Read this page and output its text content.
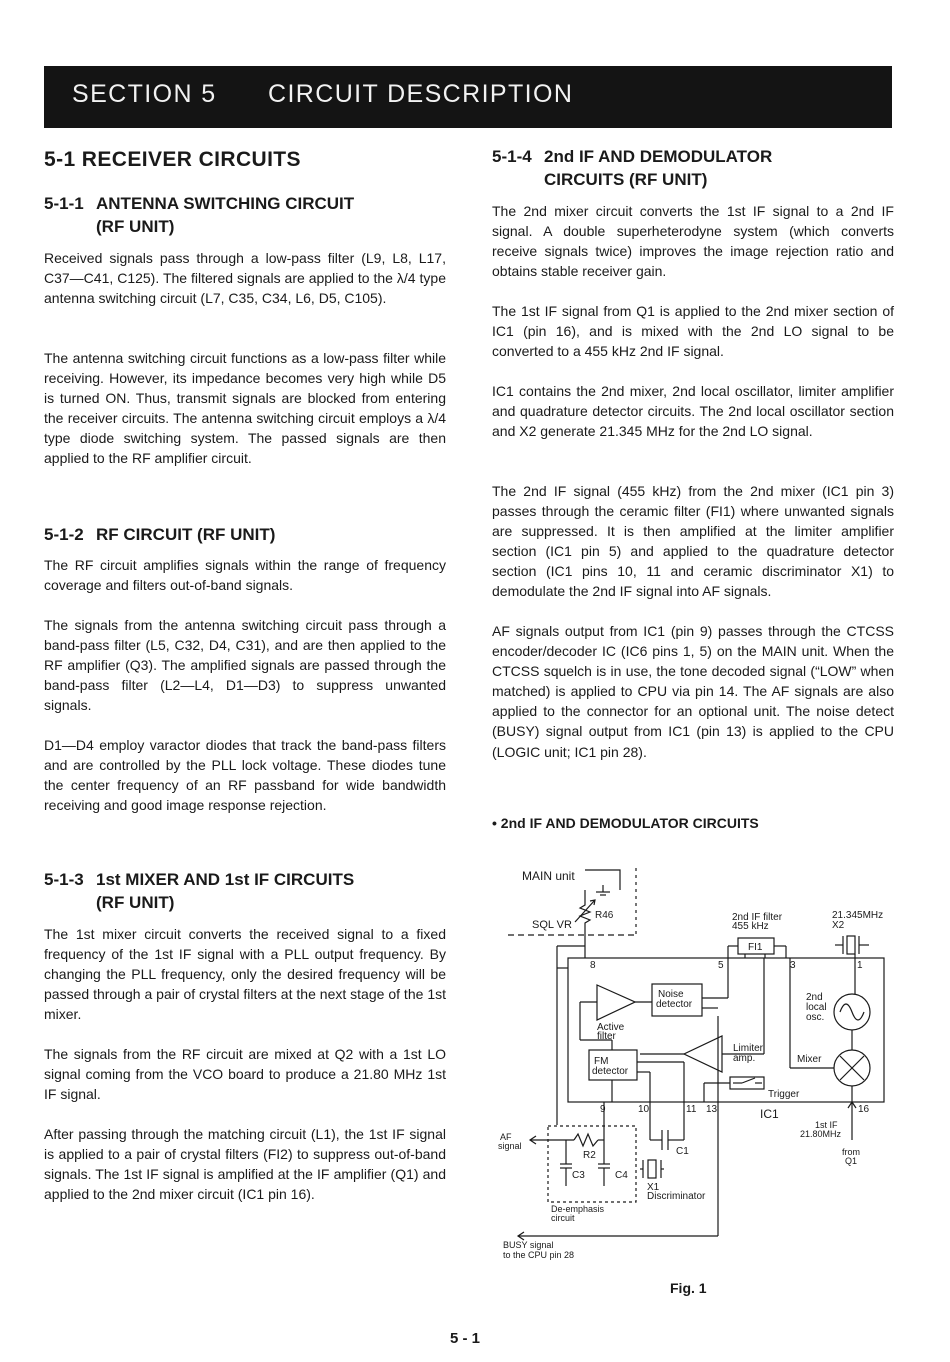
SECTION 5 CIRCUIT DESCRIPTION
5-1 RECEIVER CIRCUITS
5-1-1 ANTENNA SWITCHING CIRCUIT
(RF UNIT)

Received signals pass through a low-pass filter (L9, L8, L17, C37—C41, C125). The filtered signals are applied to the λ/4 type antenna switching circuit (L7, C35, C34, L6, D5, C105).

The antenna switching circuit functions as a low-pass filter while receiving. However, its impedance becomes very high while D5 is turned ON. Thus, transmit signals are blocked from entering the receiver circuits. The antenna switching circuit employs a λ/4 type diode switching system. The passed signals are then applied to the RF amplifier circuit.

5-1-2 RF CIRCUIT (RF UNIT)

The RF circuit amplifies signals within the range of frequency coverage and filters out-of-band signals.

The signals from the antenna switching circuit pass through a band-pass filter (L5, C32, D4, C31), and are then applied to the RF amplifier (Q3). The amplified signals are passed through the band-pass filter (L2—L4, D1—D3) to suppress unwanted signals.

D1—D4 employ varactor diodes that track the band-pass filters and are controlled by the PLL lock voltage. These diodes tune the center frequency of an RF passband for wide bandwidth receiving and good image response rejection.

5-1-3 1st MIXER AND 1st IF CIRCUITS
(RF UNIT)

The 1st mixer circuit converts the received signal to a fixed frequency of the 1st IF signal with a PLL output frequency. By changing the PLL frequency, only the desired frequency will be passed through a pair of crystal filters at the next stage of the 1st mixer.

The signals from the RF circuit are mixed at Q2 with a 1st LO signal coming from the VCO board to produce a 21.80 MHz 1st IF signal.

After passing through the matching circuit (L1), the 1st IF signal is applied to a pair of crystal filters (FI2) to suppress out-of-band signals. The 1st IF signal is amplified at the IF amplifier (Q1) and applied to the 2nd mixer circuit (IC1 pin 16).

5-1-4 2nd IF AND DEMODULATOR
CIRCUITS (RF UNIT)

The 2nd mixer circuit converts the 1st IF signal to a 2nd IF signal. A double superheterodyne system (which converts receive signals twice) improves the image rejection ratio and obtains stable receiver gain.

The 1st IF signal from Q1 is applied to the 2nd mixer section of IC1 (pin 16), and is mixed with the 2nd LO signal to be converted to a 455 kHz 2nd IF signal.

IC1 contains the 2nd mixer, 2nd local oscillator, limiter amplifier and quadrature detector circuits. The 2nd local oscillator section and X2 generate 21.345 MHz for the 2nd LO signal.

The 2nd IF signal (455 kHz) from the 2nd mixer (IC1 pin 3) passes through the ceramic filter (FI1) where unwanted signals are suppressed. It is then amplified at the limiter amplifier section (IC1 pin 5) and applied to the quadrature detector section (IC1 pins 10, 11 and ceramic discriminator X1) to demodulate the 2nd IF signal into AF signals.

AF signals output from IC1 (pin 9) passes through the CTCSS encoder/decoder IC (IC6 pins 1, 5) on the MAIN unit. When the CTCSS squelch is in use, the tone decoded signal (“LOW” when matched) is applied to CPU via pin 14. The AF signals are also applied to the connector for an optional unit. The noise detect (BUSY) signal output from IC1 (pin 13) is applied to the CPU (LOGIC unit; IC1 pin 28).

• 2nd IF AND DEMODULATOR CIRCUITS
MAIN unit
SQL VR
R46
FI1
2nd IF filter
455 kHz
21.345MHz
X2
8	5	3	1
Active
filter
Noise
detector
2nd
local
osc.
Mixer
Limiter
amp.
FM
detector
Trigger
9	10	11 13	IC1	16
1st IF
21.80MHz
from
Q1
R2
C3	C4
De-emphasis
circuit
AF
signal	C1
X1
Discriminator
BUSY signal
to the CPU pin 28
Fig. 1
5 - 1
